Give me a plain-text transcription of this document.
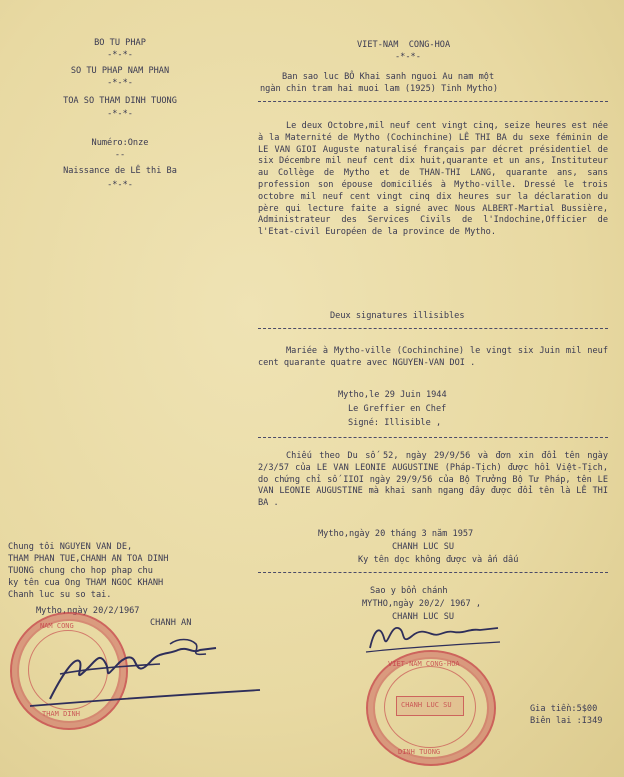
BO TU PHAP
-*-*-
SO TU PHAP NAM PHAN
-*-*-
TOA SO THAM DINH TUONG
-*-*-
Numéro:Onze
--
Naissance de LÊ thi Ba
-*-*-
VIET-NAM  CONG-HOA
-*-*-
Ban sao luc BÔ Khai sanh nguoi Au nam một
ngàn chin tram hai muoi lam (1925) Tinh Mytho)
Le deux Octobre,mil neuf cent vingt cinq, seize heures est née à la Maternité de Mytho (Cochinchine) LÊ THI BA du sexe féminin de LE VAN GIOI Auguste naturalisé français par décret présidentiel de six Décembre mil neuf cent dix huit,quarante et un ans, Instituteur au Collège de Mytho et de THAN-THI LANG, quarante ans, sans profession son épouse domiciliés à Mytho-ville. Dressé le trois octobre mil neuf cent vingt cinq dix heures sur la déclaration du père qui lecture faite a signé avec Nous ALBERT-Martial Bussière, Administrateur des Services Civils de l'Indochine,Officier de l'Etat-civil Européen de la province de Mytho.
Deux signatures illisibles
Mariée à Mytho-ville (Cochinchine) le vingt six Juin mil neuf cent quarante quatre avec NGUYEN-VAN DOI .
Mytho,le 29 Juin 1944
Le Greffier en Chef
Signé: Illisible ,
Chiếu theo Du số 52, ngày 29/9/56 và đơn xin đổi tên ngày 2/3/57 của LE VAN LEONIE AUGUSTINE (Pháp-Tịch) được hồi Việt-Tịch, do chứng chỉ số IIOI ngày 29/9/56 của Bộ Trưởng Bộ Tư Pháp, tên LE VAN LEONIE AUGUSTINE mà khai sanh ngang đây được đổi tên là LÊ THI BA .
Mytho,ngày 20 tháng 3 năm 1957
CHANH LUC SU
Ky tên dọc không được và ấn dấu
Chung tôi NGUYEN VAN DE,
THAM PHAN TUE,CHANH AN TOA DINH
TUONG chung cho hop phap chu
ky tên cua Ong THAM NGOC KHANH
Chanh luc su so tai.
Mytho,ngày 20/2/1967
CHANH AN
Sao y bổn chánh
MYTHO,ngày 20/2/ 1967 ,
CHANH LUC SU
NAM CONG
THAM DINH
VIET-NAM CONG-HOA
CHANH LUC SU
DINH TUONG
Gia tiền:5$00
Biên lai :I349
